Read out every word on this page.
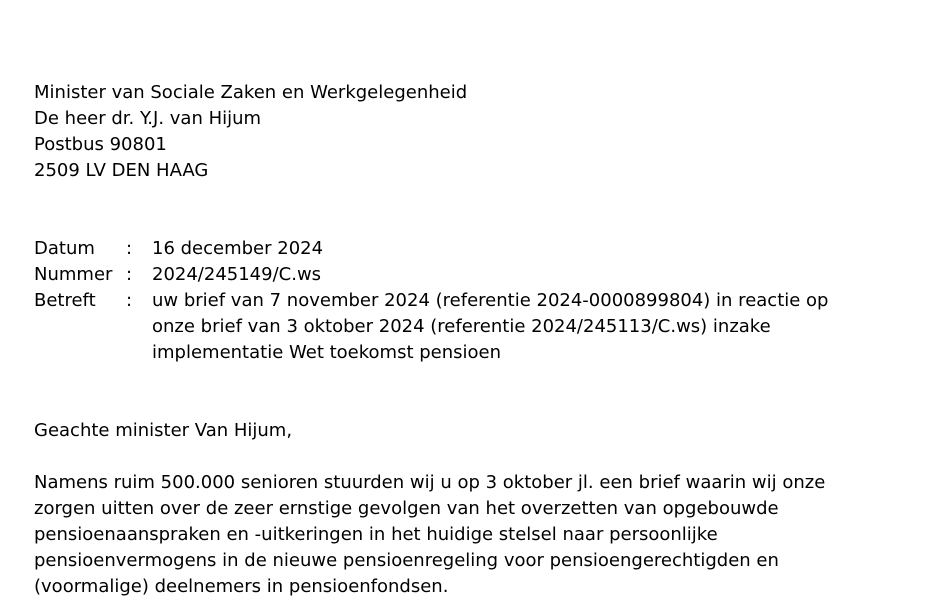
Minister van Sociale Zaken en Werkgelegenheid
De heer dr. Y.J. van Hijum
Postbus 90801
2509 LV DEN HAAG
Datum	:	16 december 2024
Nummer :	2024/245149/C.ws
Betreft	:	uw brief van 7 november 2024 (referentie 2024-0000899804) in reactie op
onze brief van 3 oktober 2024 (referentie 2024/245113/C.ws) inzake
implementatie Wet toekomst pensioen
Geachte minister Van Hijum,
Namens ruim 500.000 senioren stuurden wij u op 3 oktober jl. een brief waarin wij onze
zorgen uitten over de zeer ernstige gevolgen van het overzetten van opgebouwde
pensioenaanspraken en -uitkeringen in het huidige stelsel naar persoonlijke
pensioenvermogens in de nieuwe pensioenregeling voor pensioengerechtigden en
(voormalige) deelnemers in pensioenfondsen.
